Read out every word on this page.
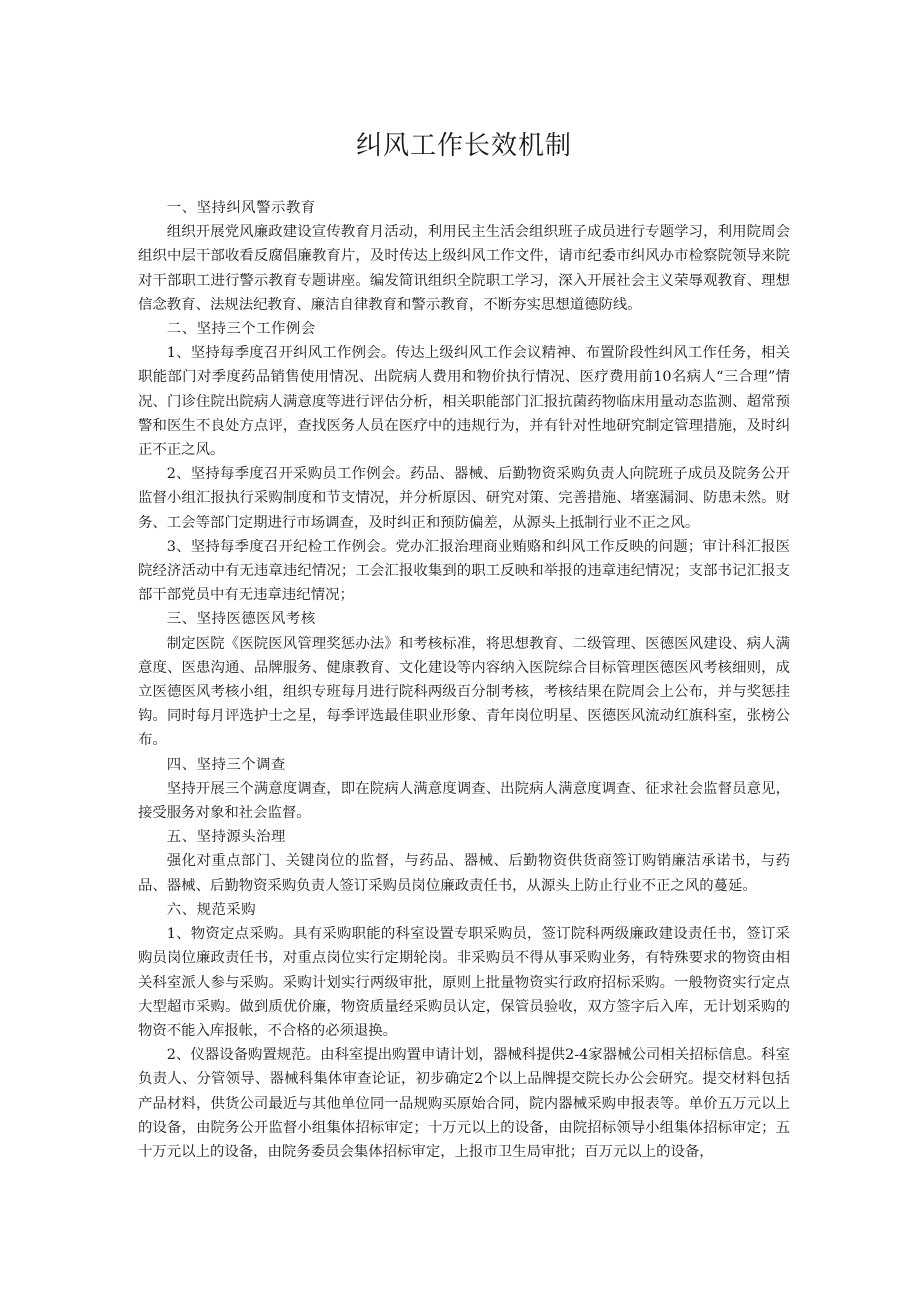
纠风工作长效机制

一、坚持纠风警示教育

组织开展党风廉政建设宣传教育月活动，利用民主生活会组织班子成员进行专题学习，利用院周会组织中层干部收看反腐倡廉教育片，及时传达上级纠风工作文件，请市纪委市纠风办市检察院领导来院对干部职工进行警示教育专题讲座。编发简讯组织全院职工学习，深入开展社会主义荣辱观教育、理想信念教育、法规法纪教育、廉洁自律教育和警示教育，不断夯实思想道德防线。

二、坚持三个工作例会

1、坚持每季度召开纠风工作例会。传达上级纠风工作会议精神、布置阶段性纠风工作任务，相关职能部门对季度药品销售使用情况、出院病人费用和物价执行情况、医疗费用前10名病人“三合理”情况、门诊住院出院病人满意度等进行评估分析，相关职能部门汇报抗菌药物临床用量动态监测、超常预警和医生不良处方点评，查找医务人员在医疗中的违规行为，并有针对性地研究制定管理措施，及时纠正不正之风。

2、坚持每季度召开采购员工作例会。药品、器械、后勤物资采购负责人向院班子成员及院务公开监督小组汇报执行采购制度和节支情况，并分析原因、研究对策、完善措施、堵塞漏洞、防患未然。财务、工会等部门定期进行市场调查，及时纠正和预防偏差，从源头上抵制行业不正之风。

3、坚持每季度召开纪检工作例会。党办汇报治理商业贿赂和纠风工作反映的问题；审计科汇报医院经济活动中有无违章违纪情况；工会汇报收集到的职工反映和举报的违章违纪情况；支部书记汇报支部干部党员中有无违章违纪情况；

三、坚持医德医风考核

制定医院《医院医风管理奖惩办法》和考核标准，将思想教育、二级管理、医德医风建设、病人满意度、医患沟通、品牌服务、健康教育、文化建设等内容纳入医院综合目标管理医德医风考核细则，成立医德医风考核小组，组织专班每月进行院科两级百分制考核，考核结果在院周会上公布，并与奖惩挂钩。同时每月评选护士之星，每季评选最佳职业形象、青年岗位明星、医德医风流动红旗科室，张榜公布。

四、坚持三个调查

坚持开展三个满意度调查，即在院病人满意度调查、出院病人满意度调查、征求社会监督员意见，接受服务对象和社会监督。

五、坚持源头治理

强化对重点部门、关键岗位的监督，与药品、器械、后勤物资供货商签订购销廉洁承诺书，与药品、器械、后勤物资采购负责人签订采购员岗位廉政责任书，从源头上防止行业不正之风的蔓延。

六、规范采购

1、物资定点采购。具有采购职能的科室设置专职采购员，签订院科两级廉政建设责任书，签订采购员岗位廉政责任书，对重点岗位实行定期轮岗。非采购员不得从事采购业务，有特殊要求的物资由相关科室派人参与采购。采购计划实行两级审批，原则上批量物资实行政府招标采购。一般物资实行定点大型超市采购。做到质优价廉，物资质量经采购员认定，保管员验收，双方签字后入库，无计划采购的物资不能入库报帐，不合格的必须退换。

2、仪器设备购置规范。由科室提出购置申请计划，器械科提供2-4家器械公司相关招标信息。科室负责人、分管领导、器械科集体审查论证，初步确定2个以上品牌提交院长办公会研究。提交材料包括产品材料，供货公司最近与其他单位同一品规购买原始合同，院内器械采购申报表等。单价五万元以上的设备，由院务公开监督小组集体招标审定；十万元以上的设备，由院招标领导小组集体招标审定；五十万元以上的设备，由院务委员会集体招标审定，上报市卫生局审批；百万元以上的设备，
